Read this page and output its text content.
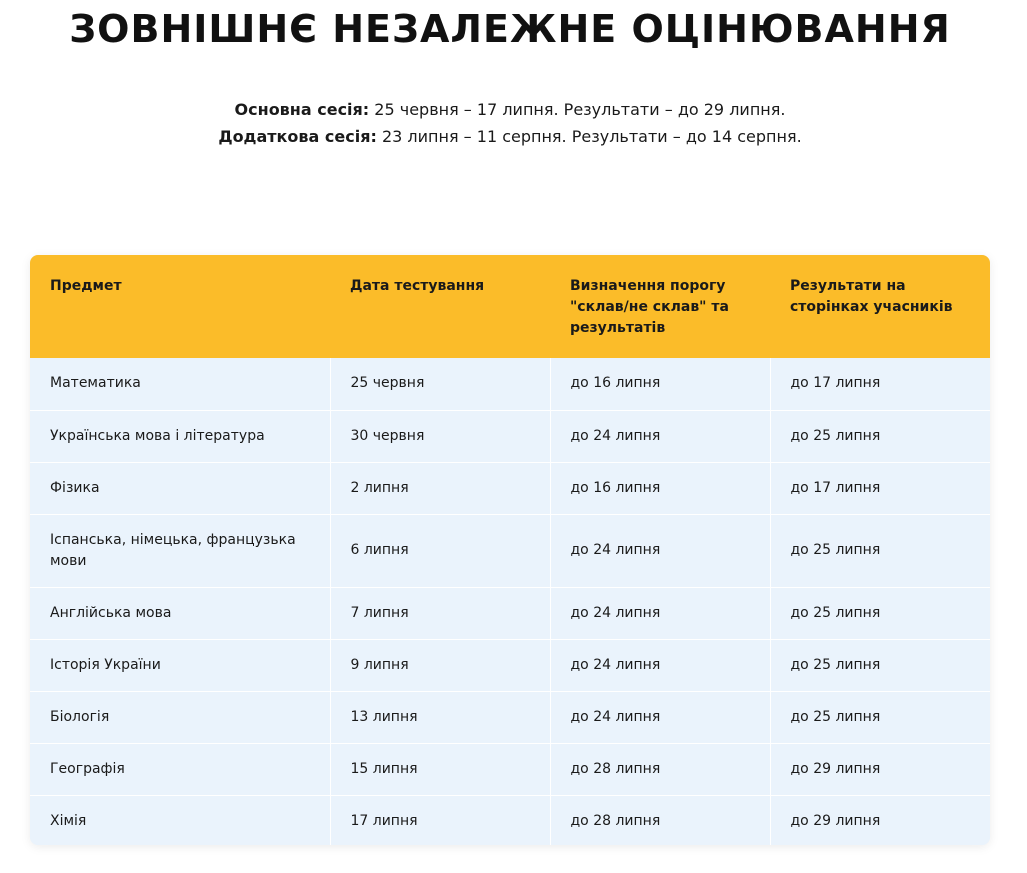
ЗОВНІШНЄ НЕЗАЛЕЖНЕ ОЦІНЮВАННЯ
Основна сесія: 25 червня – 17 липня. Результати – до 29 липня.
Додаткова сесія: 23 липня – 11 серпня. Результати – до 14 серпня.
Предмет	Дата тестування	Визначення порогу "склав/не склав" та результатів	Результати на сторінках учасників
Математика	25 червня	до 16 липня	до 17 липня
Українська мова і література	30 червня	до 24 липня	до 25 липня
Фізика	2 липня	до 16 липня	до 17 липня
Іспанська, німецька, французька мови	6 липня	до 24 липня	до 25 липня
Англійська мова	7 липня	до 24 липня	до 25 липня
Історія України	9 липня	до 24 липня	до 25 липня
Біологія	13 липня	до 24 липня	до 25 липня
Географія	15 липня	до 28 липня	до 29 липня
Хімія	17 липня	до 28 липня	до 29 липня
